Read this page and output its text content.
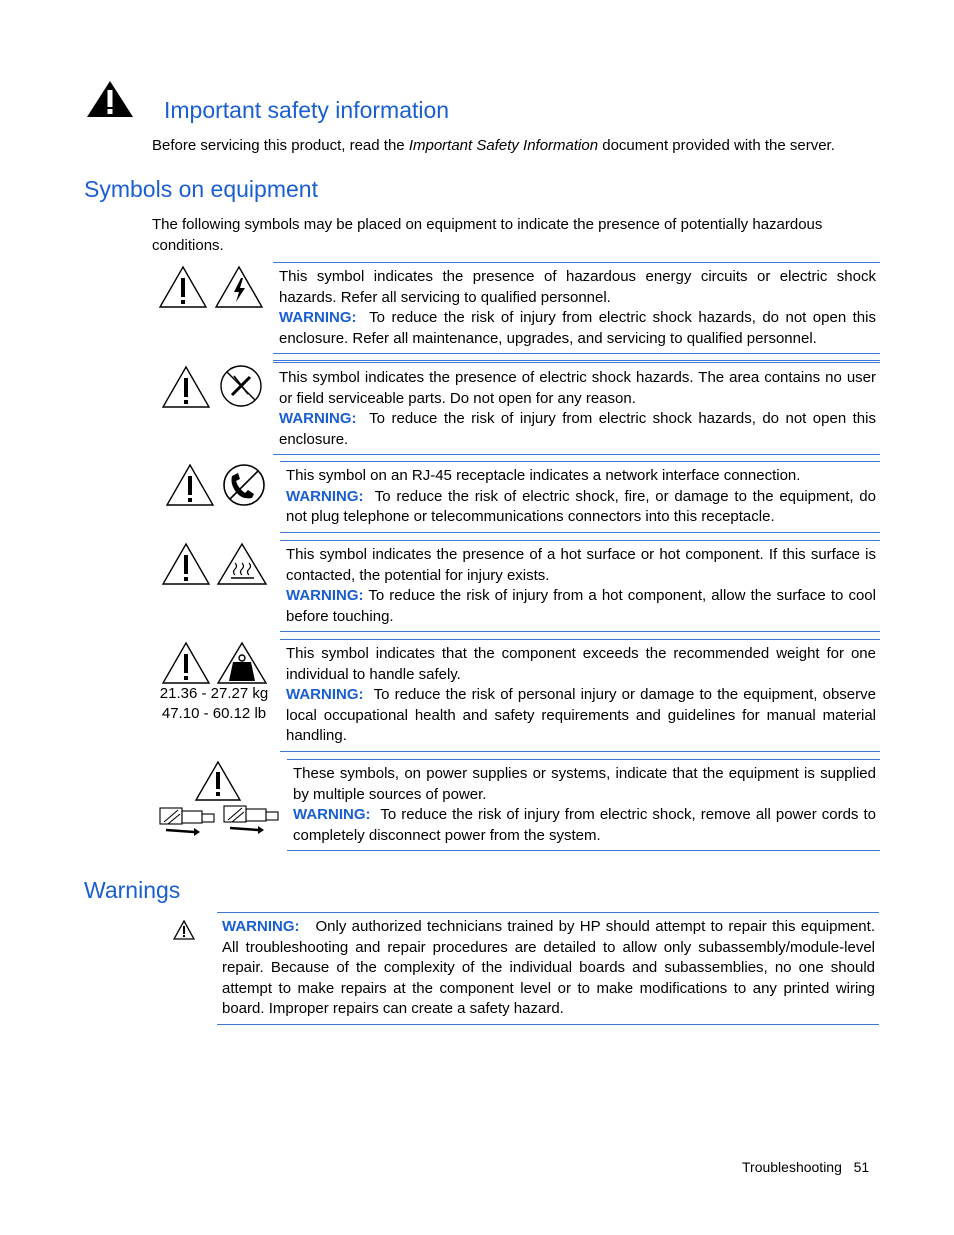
Important safety information
Before servicing this product, read the Important Safety Information document provided with the server.
Symbols on equipment
The following symbols may be placed on equipment to indicate the presence of potentially hazardous conditions.

This symbol indicates the presence of hazardous energy circuits or electric shock hazards. Refer all servicing to qualified personnel.
WARNING: To reduce the risk of injury from electric shock hazards, do not open this enclosure. Refer all maintenance, upgrades, and servicing to qualified personnel.

This symbol indicates the presence of electric shock hazards. The area contains no user or field serviceable parts. Do not open for any reason.
WARNING: To reduce the risk of injury from electric shock hazards, do not open this enclosure.

This symbol on an RJ-45 receptacle indicates a network interface connection.
WARNING: To reduce the risk of electric shock, fire, or damage to the equipment, do not plug telephone or telecommunications connectors into this receptacle.

This symbol indicates the presence of a hot surface or hot component. If this surface is contacted, the potential for injury exists.
WARNING: To reduce the risk of injury from a hot component, allow the surface to cool before touching.

21.36 - 27.27 kg
47.10 - 60.12 lb

This symbol indicates that the component exceeds the recommended weight for one individual to handle safely.
WARNING: To reduce the risk of personal injury or damage to the equipment, observe local occupational health and safety requirements and guidelines for manual material handling.

These symbols, on power supplies or systems, indicate that the equipment is supplied by multiple sources of power.
WARNING: To reduce the risk of injury from electric shock, remove all power cords to completely disconnect power from the system.

Warnings

WARNING: Only authorized technicians trained by HP should attempt to repair this equipment. All troubleshooting and repair procedures are detailed to allow only subassembly/module-level repair. Because of the complexity of the individual boards and subassemblies, no one should attempt to make repairs at the component level or to make modifications to any printed wiring board. Improper repairs can create a safety hazard.

Troubleshooting 51
